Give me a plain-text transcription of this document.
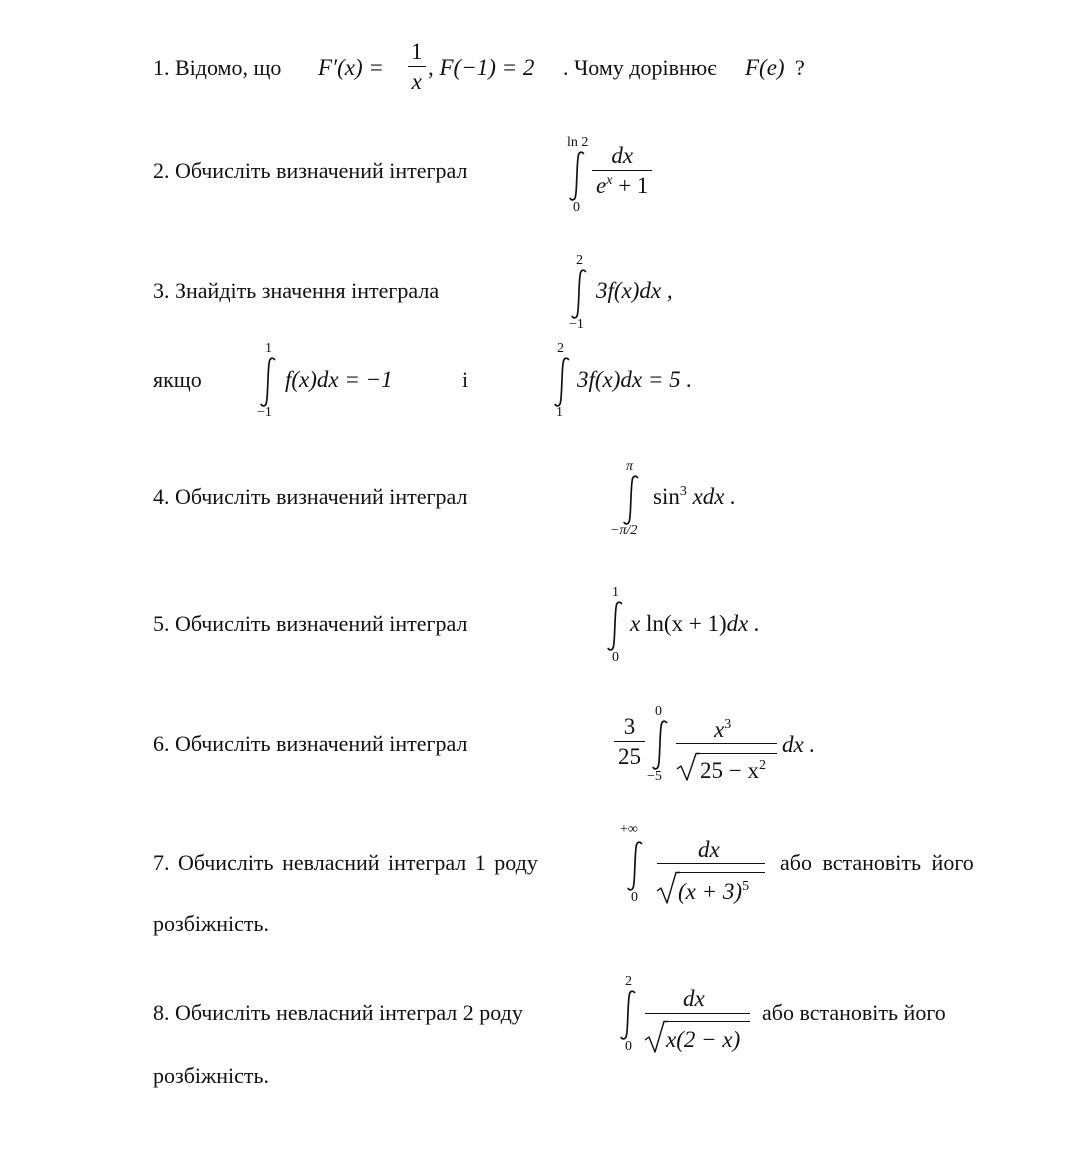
1. Відомо, що $F'(x) = \frac{1}{x}$ , F(−1) = 2 . Чому дорівнює F(e) ?
2. Обчисліть визначений інтеграл
ln 2
0
$\frac{dx}{e^x + 1}$
3. Знайдіть значення інтеграла
2
−1
3f(x)dx ,
якщо
1
−1
f(x)dx = −1	і
2
1
3f(x)dx = 5 .
4. Обчисліть визначений інтеграл
π
−π/2
$\sin^3$ xdx .
5. Обчисліть визначений інтеграл
1
0
x ln(x + 1)dx .
6. Обчисліть визначений інтеграл	$\frac{3}{25}$
0
−5
$x^3$
$25 - x^2$
dx .
7. Обчисліть невласний інтеграл 1 роду
+∞
0
dx
$(x + 3)^5$
або встановіть його
розбіжність.
8. Обчисліть невласний інтеграл 2 роду
2
0
dx
x(2 − x)
або встановіть його
розбіжність.
